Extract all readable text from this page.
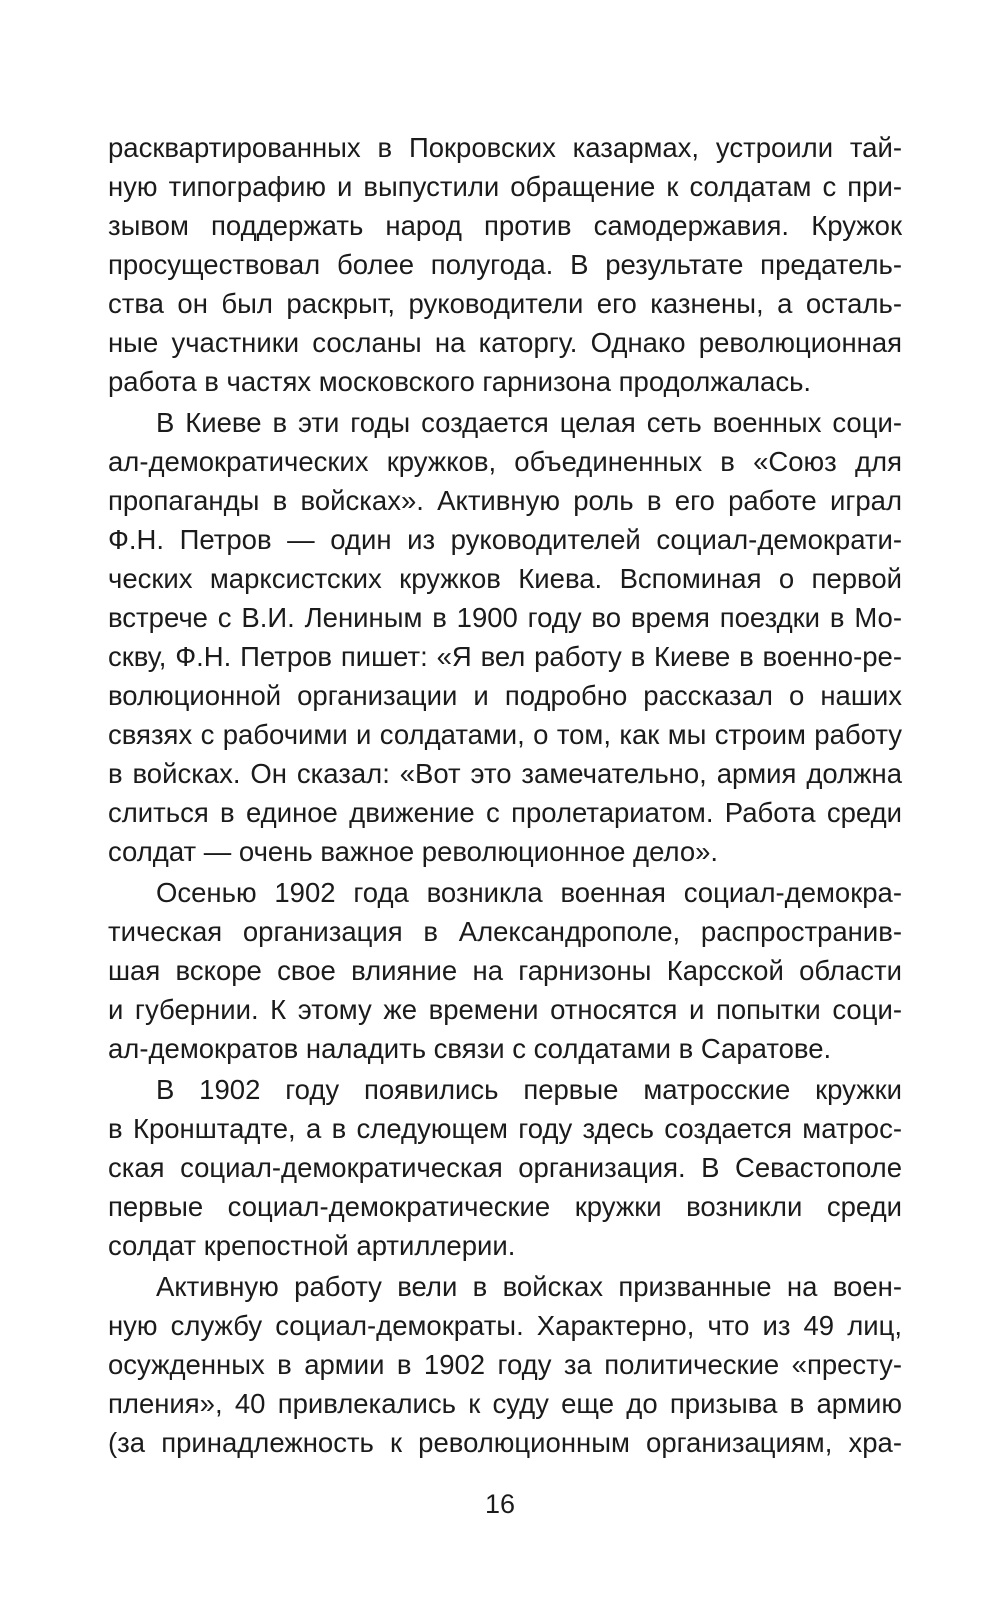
расквартированных в Покровских казармах, устроили тай-
ную типографию и выпустили обращение к солдатам с при-
зывом поддержать народ против самодержавия. Кружок
просуществовал более полугода. В результате предатель-
ства он был раскрыт, руководители его казнены, а осталь-
ные участники сосланы на каторгу. Однако революционная
работа в частях московского гарнизона продолжалась.
В Киеве в эти годы создается целая сеть военных соци-
ал-демократических кружков, объединенных в «Союз для
пропаганды в войсках». Активную роль в его работе играл
Ф.Н. Петров — один из руководителей социал-демократи-
ческих марксистских кружков Киева. Вспоминая о первой
встрече с В.И. Лениным в 1900 году во время поездки в Мо-
скву, Ф.Н. Петров пишет: «Я вел работу в Киеве в военно-ре-
волюционной организации и подробно рассказал о наших
связях с рабочими и солдатами, о том, как мы строим работу
в войсках. Он сказал: «Вот это замечательно, армия должна
слиться в единое движение с пролетариатом. Работа среди
солдат — очень важное революционное дело».
Осенью 1902 года возникла военная социал-демокра-
тическая организация в Александрополе, распространив-
шая вскоре свое влияние на гарнизоны Карсской области
и губернии. К этому же времени относятся и попытки соци-
ал-демократов наладить связи с солдатами в Саратове.
В 1902 году появились первые матросские кружки
в Кронштадте, а в следующем году здесь создается матрос-
ская социал-демократическая организация. В Севастополе
первые социал-демократические кружки возникли среди
солдат крепостной артиллерии.
Активную работу вели в войсках призванные на воен-
ную службу социал-демократы. Характерно, что из 49 лиц,
осужденных в армии в 1902 году за политические «престу-
пления», 40 привлекались к суду еще до призыва в армию
(за принадлежность к революционным организациям, хра-
16
